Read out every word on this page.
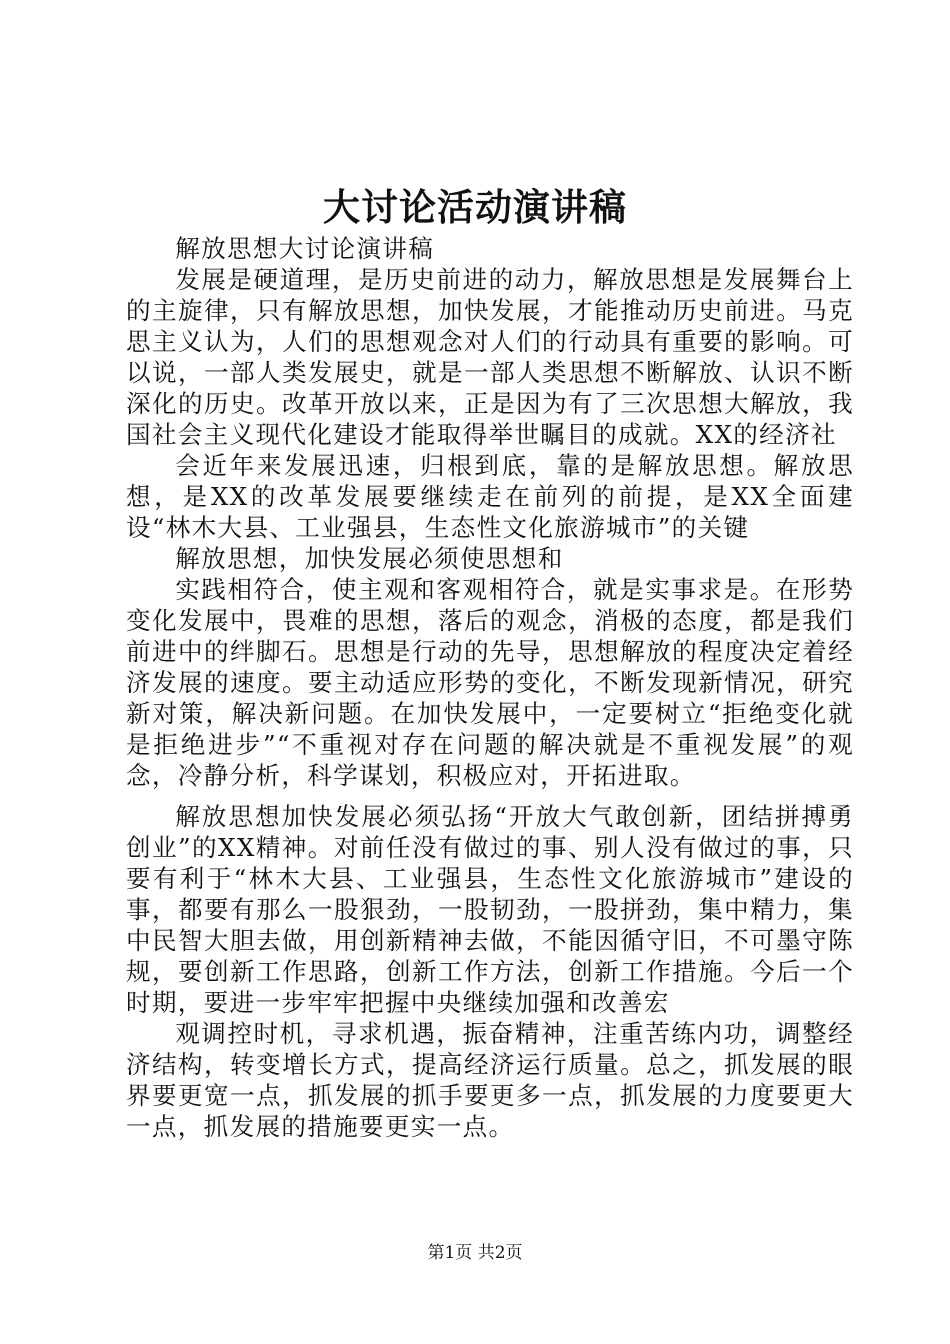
大讨论活动演讲稿

解放思想大讨论演讲稿

发展是硬道理，是历史前进的动力，解放思想是发展舞台上的主旋律，只有解放思想，加快发展，才能推动历史前进。马克思主义认为，人们的思想观念对人们的行动具有重要的影响。可以说，一部人类发展史，就是一部人类思想不断解放、认识不断深化的历史。改革开放以来，正是因为有了三次思想大解放，我国社会主义现代化建设才能取得举世瞩目的成就。XX的经济社

会近年来发展迅速，归根到底，靠的是解放思想。解放思想，是XX的改革发展要继续走在前列的前提，是XX全面建设“林木大县、工业强县，生态性文化旅游城市”的关键

解放思想，加快发展必须使思想和

实践相符合，使主观和客观相符合，就是实事求是。在形势变化发展中，畏难的思想，落后的观念，消极的态度，都是我们前进中的绊脚石。思想是行动的先导，思想解放的程度决定着经济发展的速度。要主动适应形势的变化，不断发现新情况，研究新对策，解决新问题。在加快发展中，一定要树立“拒绝变化就是拒绝进步”“不重视对存在问题的解决就是不重视发展”的观念，冷静分析，科学谋划，积极应对，开拓进取。

解放思想加快发展必须弘扬“开放大气敢创新，团结拼搏勇创业”的XX精神。对前任没有做过的事、别人没有做过的事，只要有利于“林木大县、工业强县，生态性文化旅游城市”建设的事，都要有那么一股狠劲，一股韧劲，一股拼劲，集中精力，集中民智大胆去做，用创新精神去做，不能因循守旧，不可墨守陈规，要创新工作思路，创新工作方法，创新工作措施。今后一个时期，要进一步牢牢把握中央继续加强和改善宏

观调控时机，寻求机遇，振奋精神，注重苦练内功，调整经济结构，转变增长方式，提高经济运行质量。总之，抓发展的眼界要更宽一点，抓发展的抓手要更多一点，抓发展的力度要更大一点，抓发展的措施要更实一点。

第1页 共2页
